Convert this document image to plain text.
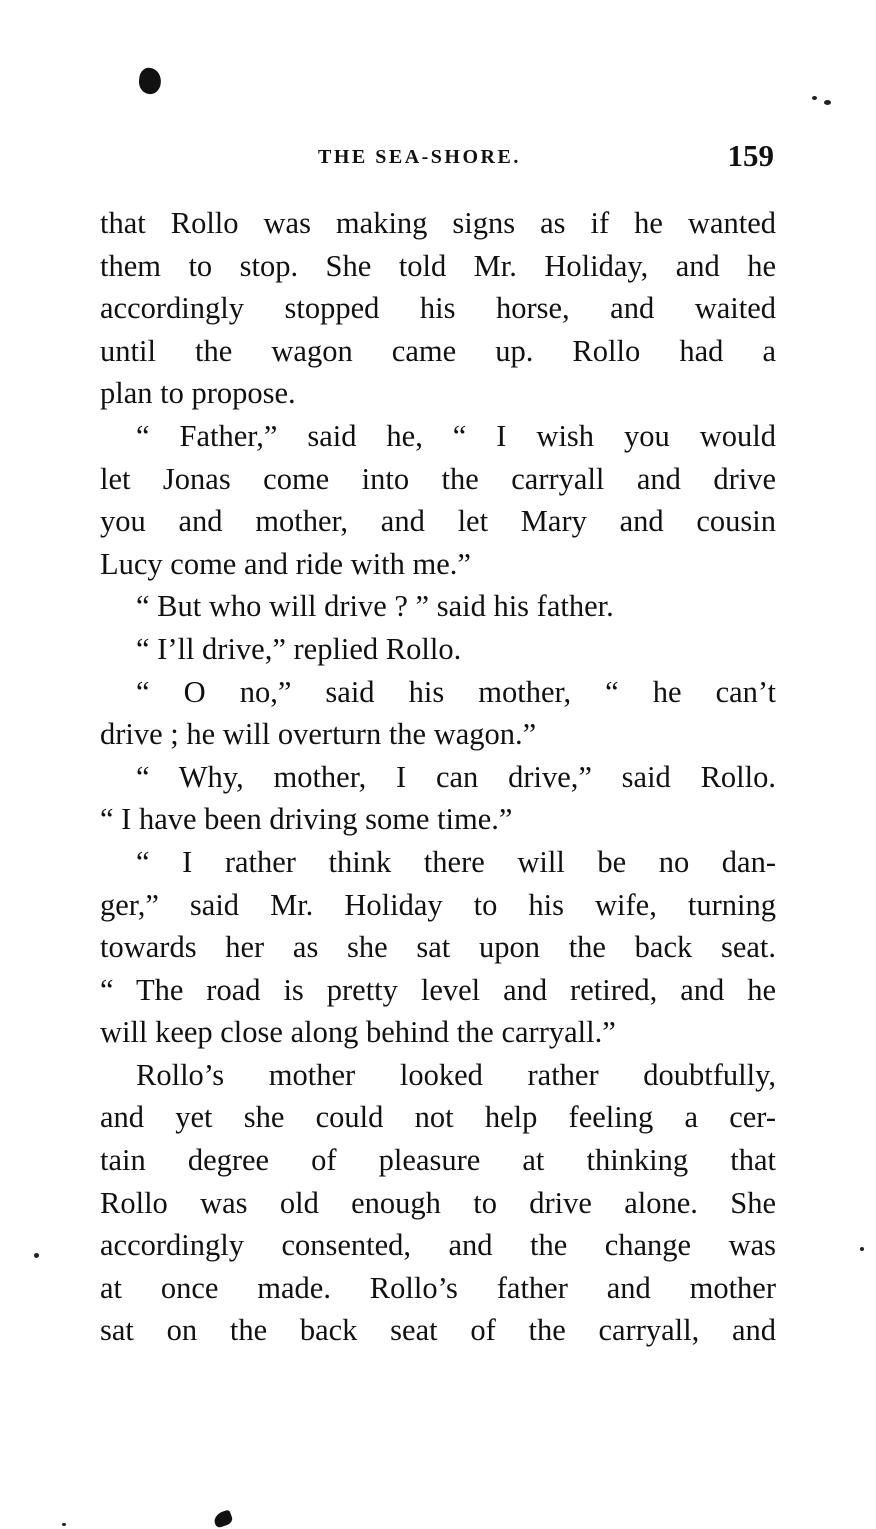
THE SEA-SHORE.	159

that Rollo was making signs as if he wanted
them to stop. She told Mr. Holiday, and he
accordingly stopped his horse, and waited
until the wagon came up. Rollo had a
plan to propose.

“ Father,” said he, “ I wish you would
let Jonas come into the carryall and drive
you and mother, and let Mary and cousin
Lucy come and ride with me.”

“ But who will drive ? ” said his father.

“ I’ll drive,” replied Rollo.

“ O no,” said his mother, “ he can’t
drive ; he will overturn the wagon.”

“ Why, mother, I can drive,” said Rollo.
“ I have been driving some time.”

“ I rather think there will be no dan-
ger,” said Mr. Holiday to his wife, turning
towards her as she sat upon the back seat.
“ The road is pretty level and retired, and he
will keep close along behind the carryall.”

Rollo’s mother looked rather doubtfully,
and yet she could not help feeling a cer-
tain degree of pleasure at thinking that
Rollo was old enough to drive alone. She
accordingly consented, and the change was
at once made. Rollo’s father and mother
sat on the back seat of the carryall, and
